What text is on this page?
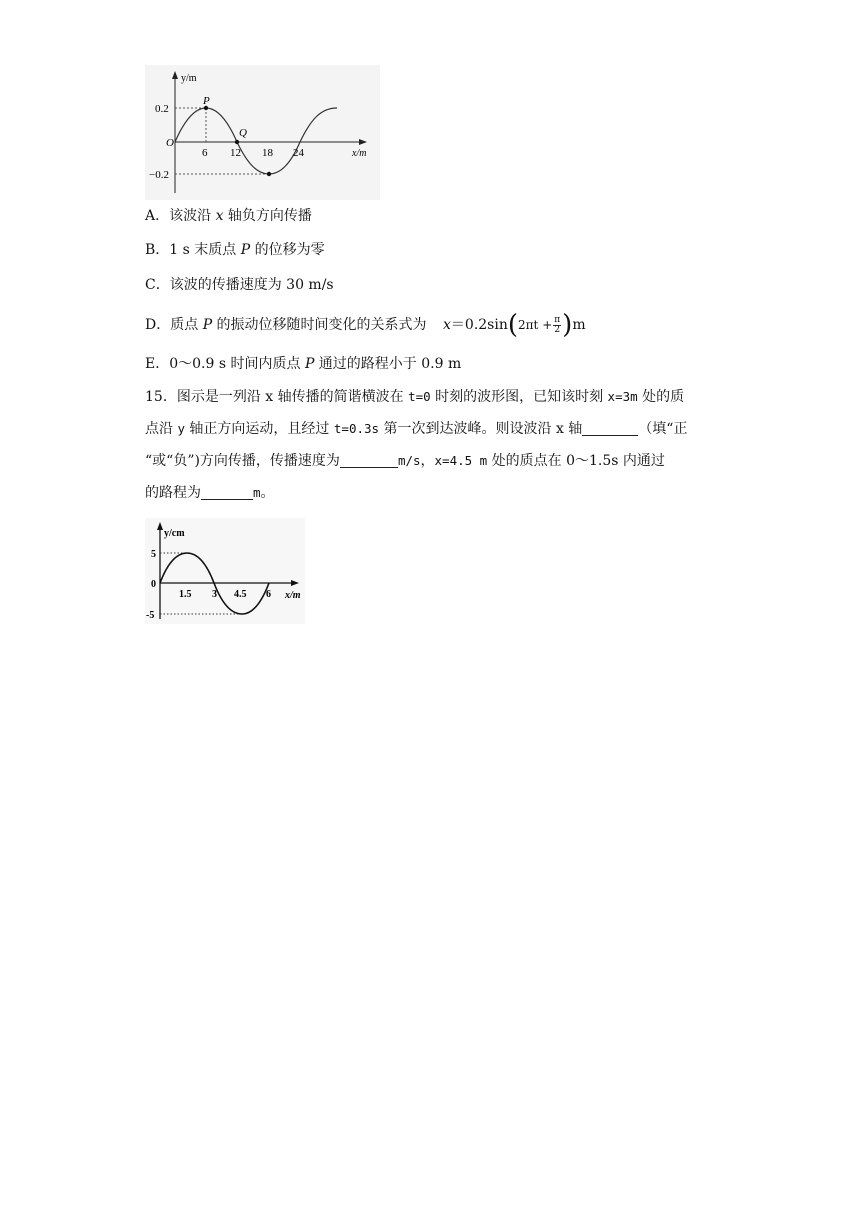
y/m
x/m
O
0.2
−0.2
6 12 18 24
P
Q
A．该波沿 x 轴负方向传播
B．1 s 末质点 P 的位移为零
C．该波的传播速度为 30 m/s
D．质点 P 的振动位移随时间变化的关系式为 $x=0.2\sin(2\pi t + \frac{\pi}{2} )m$
E．0～0.9 s 时间内质点 P 通过的路程小于 0.9 m
15．图示是一列沿 x 轴传播的简谐横波在 t=0 时刻的波形图，已知该时刻 x=3m 处的质
点沿 y 轴正方向运动，且经过 t=0.3s 第一次到达波峰。则设波沿 x 轴	（填“正
“或“负”)方向传播，传播速度为	m/s，x=4.5 m 处的质点在 0～1.5s 内通过
的路程为	m。
y/cm
x/m
5
0
-5
1.5 3 4.5 6
